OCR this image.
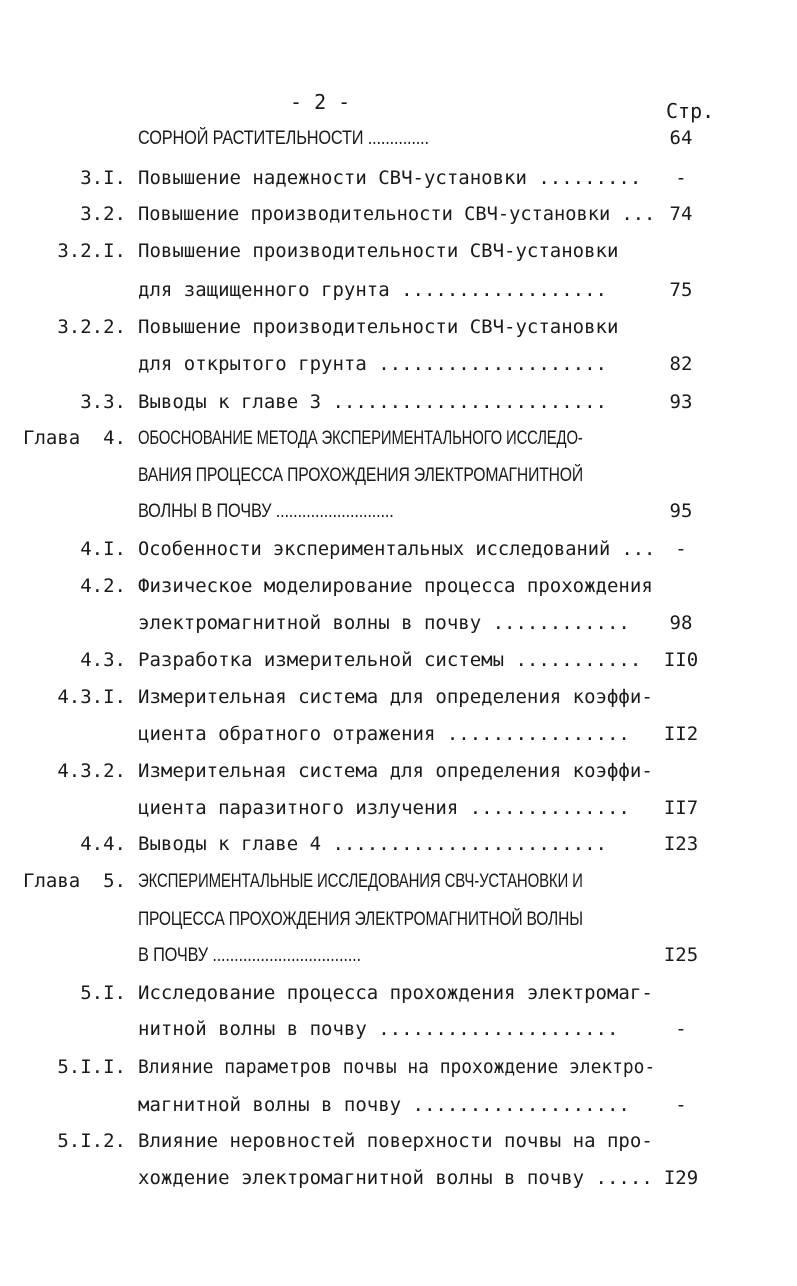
- 2 -	Стр.
СОРНОЙ РАСТИТЕЛЬНОСТИ ..............	64
3.I. Повышение надежности СВЧ-установки .........	-
3.2. Повышение производительности СВЧ-установки ... 74
3.2.I. Повышение производительности СВЧ-установки
для защищенного грунта ..................	75
3.2.2. Повышение производительности СВЧ-установки
для открытого грунта ....................	82
3.3. Выводы к главе 3 ........................	93
Глава  4. ОБОСНОВАНИЕ МЕТОДА ЭКСПЕРИМЕНТАЛЬНОГО ИССЛЕДО-
ВАНИЯ ПРОЦЕССА ПРОХОЖДЕНИЯ ЭЛЕКТРОМАГНИТНОЙ
ВОЛНЫ В ПОЧВУ ...........................	95
4.I. Особенности экспериментальных исследований ...	-
4.2. Физическое моделирование процесса прохождения
электромагнитной волны в почву ............	98
4.3. Разработка измерительной системы ........... II0
4.3.I. Измерительная система для определения коэффи-
циента обратного отражения ................ II2
4.3.2. Измерительная система для определения коэффи-
циента паразитного излучения .............. II7
4.4. Выводы к главе 4 ........................	I23
Глава  5. ЭКСПЕРИМЕНТАЛЬНЫЕ ИССЛЕДОВАНИЯ СВЧ-УСТАНОВКИ И
ПРОЦЕССА ПРОХОЖДЕНИЯ ЭЛЕКТРОМАГНИТНОЙ ВОЛНЫ
В ПОЧВУ ..................................	I25
5.I. Исследование процесса прохождения электромаг-
нитной волны в почву .....................	-
5.I.I. Влияние параметров почвы на прохождение электро-
магнитной волны в почву ...................	-
5.I.2. Влияние неровностей поверхности почвы на про-
хождение электромагнитной волны в почву ..... I29
